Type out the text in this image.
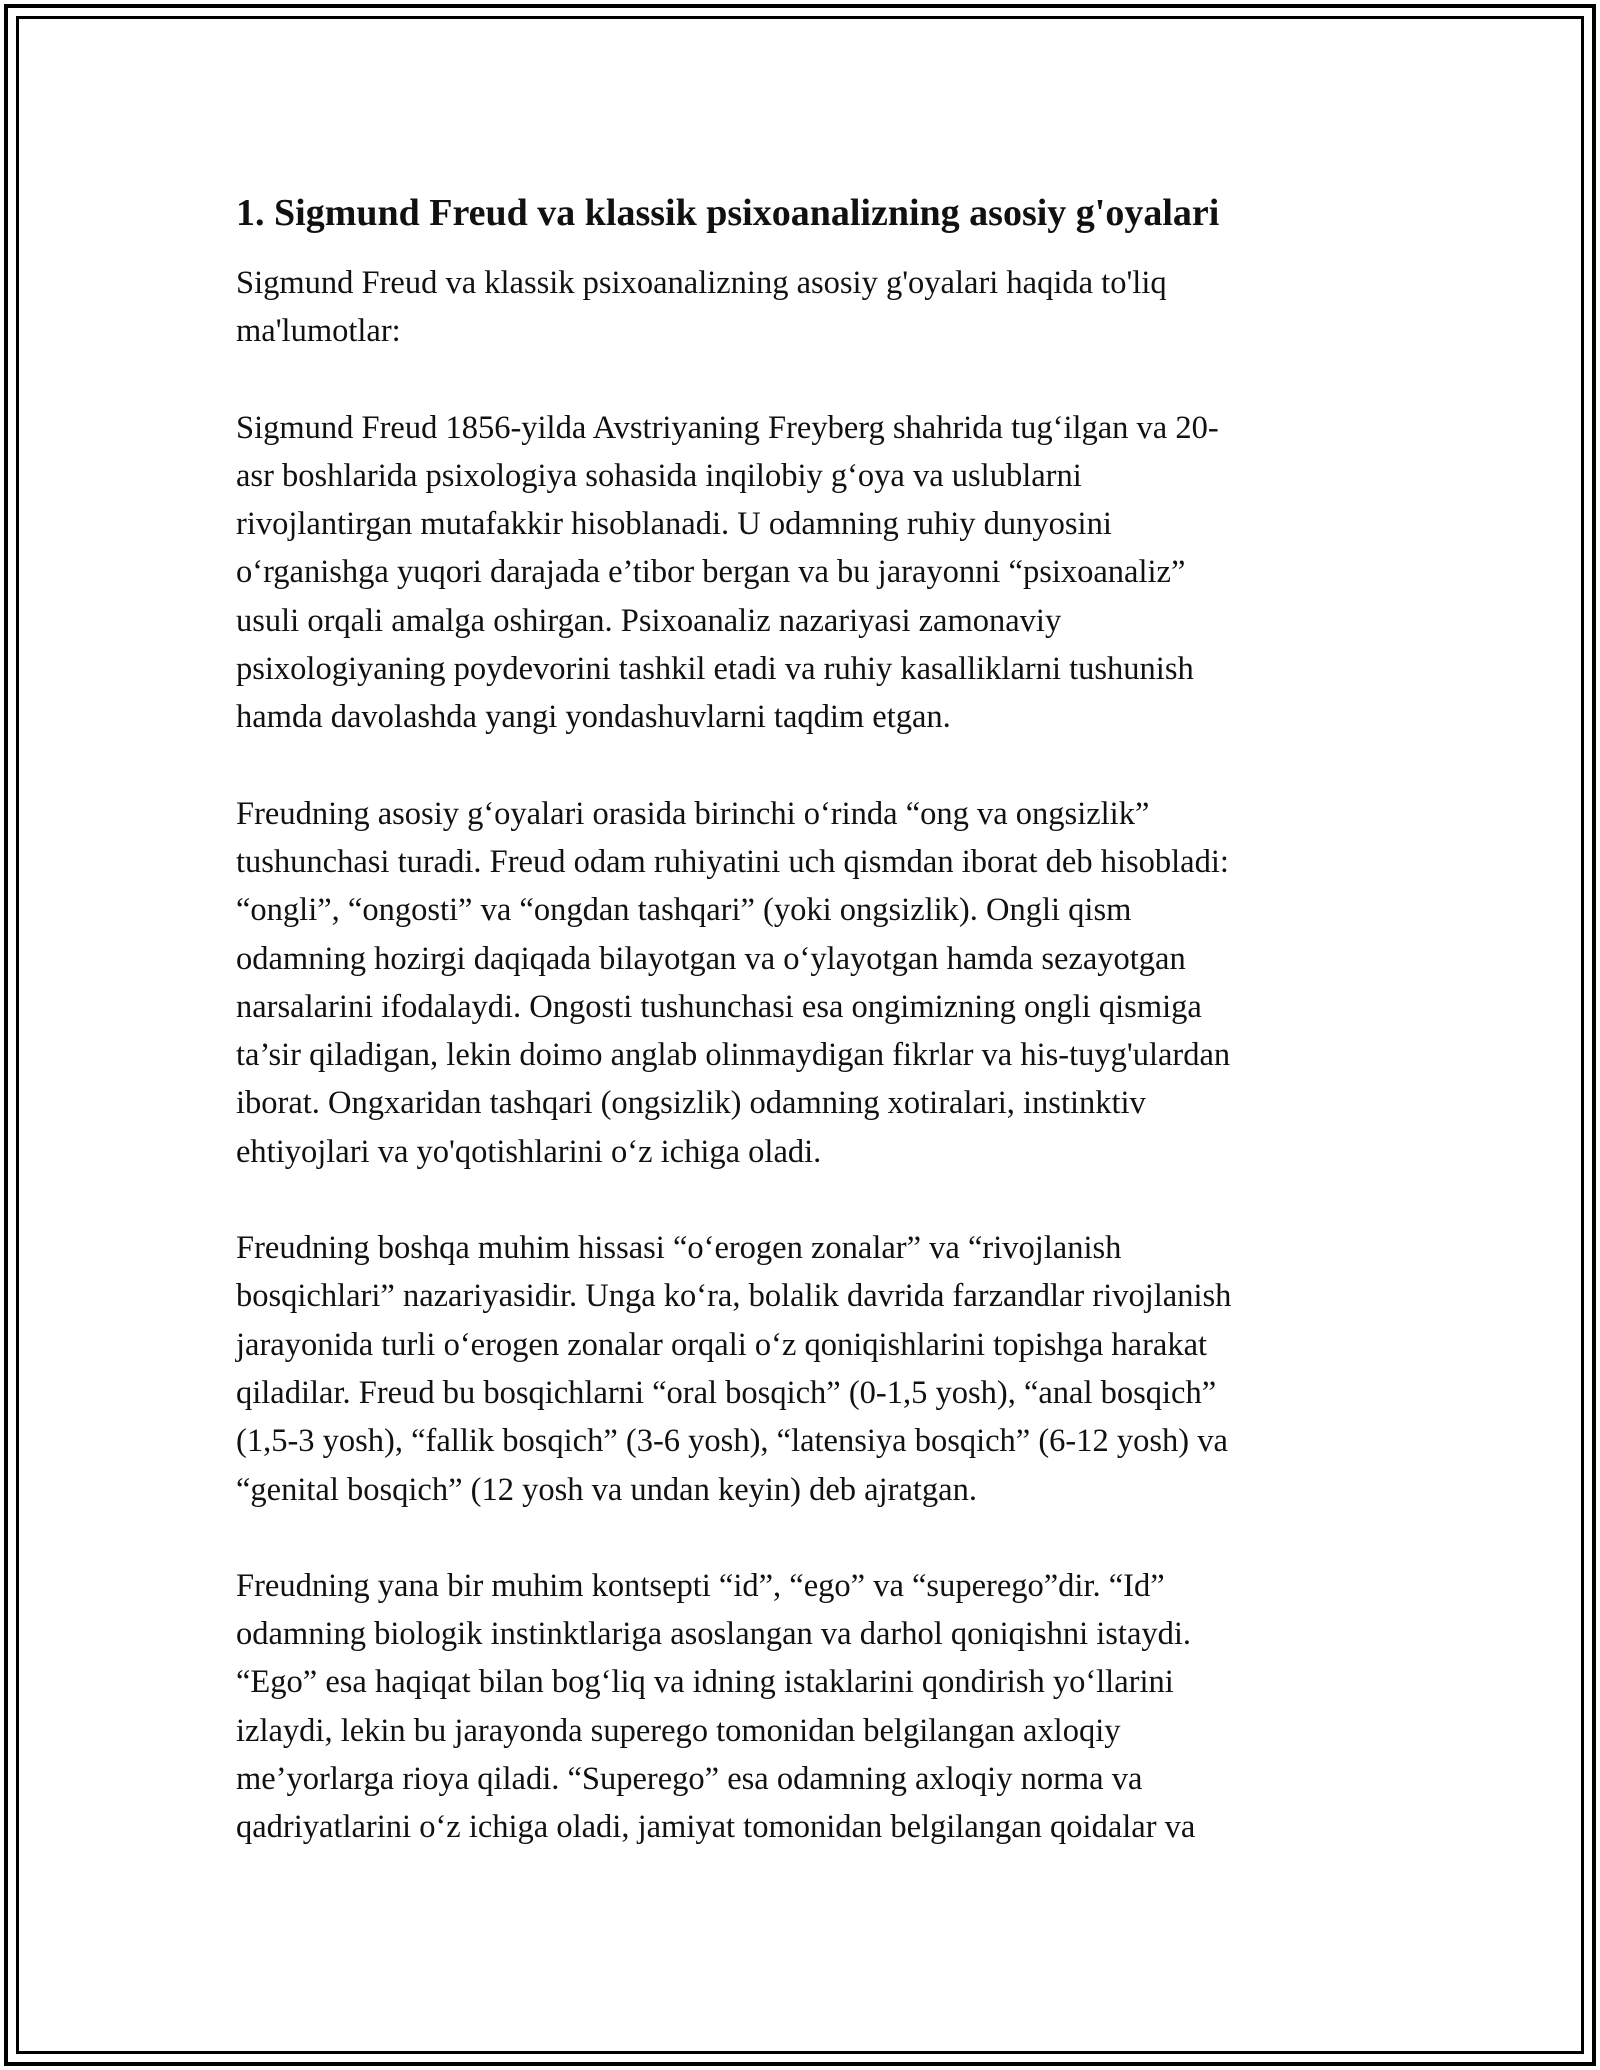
1. Sigmund Freud va klassik psixoanalizning asosiy g'oyalari

Sigmund Freud va klassik psixoanalizning asosiy g'oyalari haqida to'liq
ma'lumotlar:

Sigmund Freud 1856-yilda Avstriyaning Freyberg shahrida tug‘ilgan va 20-
asr boshlarida psixologiya sohasida inqilobiy g‘oya va uslublarni
rivojlantirgan mutafakkir hisoblanadi. U odamning ruhiy dunyosini
o‘rganishga yuqori darajada e’tibor bergan va bu jarayonni “psixoanaliz”
usuli orqali amalga oshirgan. Psixoanaliz nazariyasi zamonaviy
psixologiyaning poydevorini tashkil etadi va ruhiy kasalliklarni tushunish
hamda davolashda yangi yondashuvlarni taqdim etgan.

Freudning asosiy g‘oyalari orasida birinchi o‘rinda “ong va ongsizlik”
tushunchasi turadi. Freud odam ruhiyatini uch qismdan iborat deb hisobladi:
“ongli”, “ongosti” va “ongdan tashqari” (yoki ongsizlik). Ongli qism
odamning hozirgi daqiqada bilayotgan va o‘ylayotgan hamda sezayotgan
narsalarini ifodalaydi. Ongosti tushunchasi esa ongimizning ongli qismiga
ta’sir qiladigan, lekin doimo anglab olinmaydigan fikrlar va his-tuyg'ulardan
iborat. Ongxaridan tashqari (ongsizlik) odamning xotiralari, instinktiv
ehtiyojlari va yo'qotishlarini o‘z ichiga oladi.

Freudning boshqa muhim hissasi “o‘erogen zonalar” va “rivojlanish
bosqichlari” nazariyasidir. Unga ko‘ra, bolalik davrida farzandlar rivojlanish
jarayonida turli o‘erogen zonalar orqali o‘z qoniqishlarini topishga harakat
qiladilar. Freud bu bosqichlarni “oral bosqich” (0-1,5 yosh), “anal bosqich”
(1,5-3 yosh), “fallik bosqich” (3-6 yosh), “latensiya bosqich” (6-12 yosh) va
“genital bosqich” (12 yosh va undan keyin) deb ajratgan.

Freudning yana bir muhim kontsepti “id”, “ego” va “superego”dir. “Id”
odamning biologik instinktlariga asoslangan va darhol qoniqishni istaydi.
“Ego” esa haqiqat bilan bog‘liq va idning istaklarini qondirish yo‘llarini
izlaydi, lekin bu jarayonda superego tomonidan belgilangan axloqiy
me’yorlarga rioya qiladi. “Superego” esa odamning axloqiy norma va
qadriyatlarini o‘z ichiga oladi, jamiyat tomonidan belgilangan qoidalar va
